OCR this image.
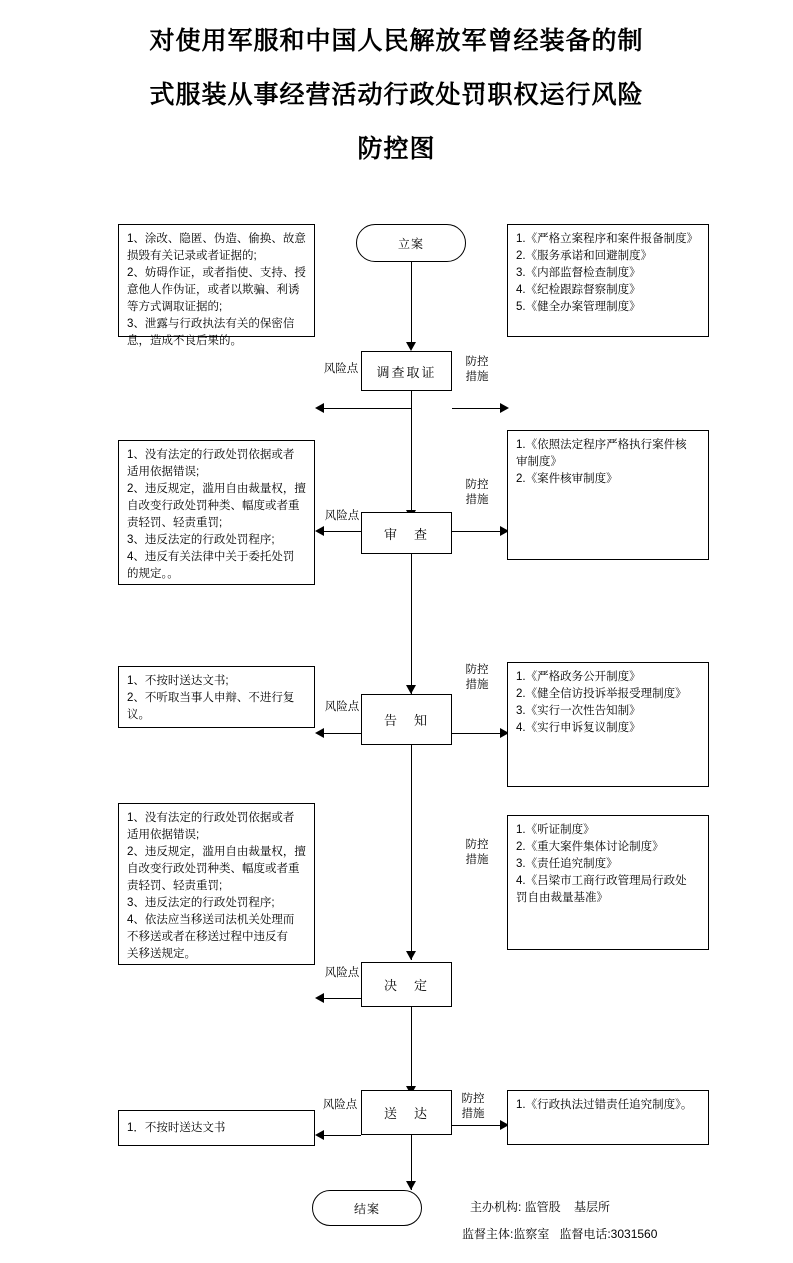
对使用军服和中国人民解放军曾经装备的制
式服装从事经营活动行政处罚职权运行风险
防控图
立案
调查取证
审　查
告　知
决　定
送　达
结案
风险点
防控
措施
风险点
防控
措施
风险点
防控
措施
风险点
防控
措施
风险点	防控
措施

1、涂改、隐匿、伪造、偷换、故意

损毁有关记录或者证据的;

2、妨碍作证，或者指使、支持、授

意他人作伪证，或者以欺骗、利诱

等方式调取证据的;

3、泄露与行政执法有关的保密信

息，造成不良后果的。

1、没有法定的行政处罚依据或者

适用依据错误;

2、违反规定，滥用自由裁量权，擅

自改变行政处罚种类、幅度或者重

责轻罚、轻责重罚;

3、违反法定的行政处罚程序;

4、违反有关法律中关于委托处罚

的规定。。

1、不按时送达文书;

2、不听取当事人申辩、不进行复

议。

1、没有法定的行政处罚依据或者

适用依据错误;

2、违反规定，滥用自由裁量权，擅

自改变行政处罚种类、幅度或者重

责轻罚、轻责重罚;

3、违反法定的行政处罚程序;

4、依法应当移送司法机关处理而

不移送或者在移送过程中违反有

关移送规定。

1．不按时送达文书

1.《严格立案程序和案件报备制度》

2.《服务承诺和回避制度》

3.《内部监督检查制度》

4.《纪检跟踪督察制度》

5.《健全办案管理制度》

1.《依照法定程序严格执行案件核

审制度》

2.《案件核审制度》

1.《严格政务公开制度》

2.《健全信访投诉举报受理制度》

3.《实行一次性告知制》

4.《实行申诉复议制度》

1.《听证制度》

2.《重大案件集体讨论制度》

3.《责任追究制度》

4.《吕梁市工商行政管理局行政处

罚自由裁量基准》

1.《行政执法过错责任追究制度》。

主办机构: 监管股    基层所
监督主体:监察室   监督电话:3031560
